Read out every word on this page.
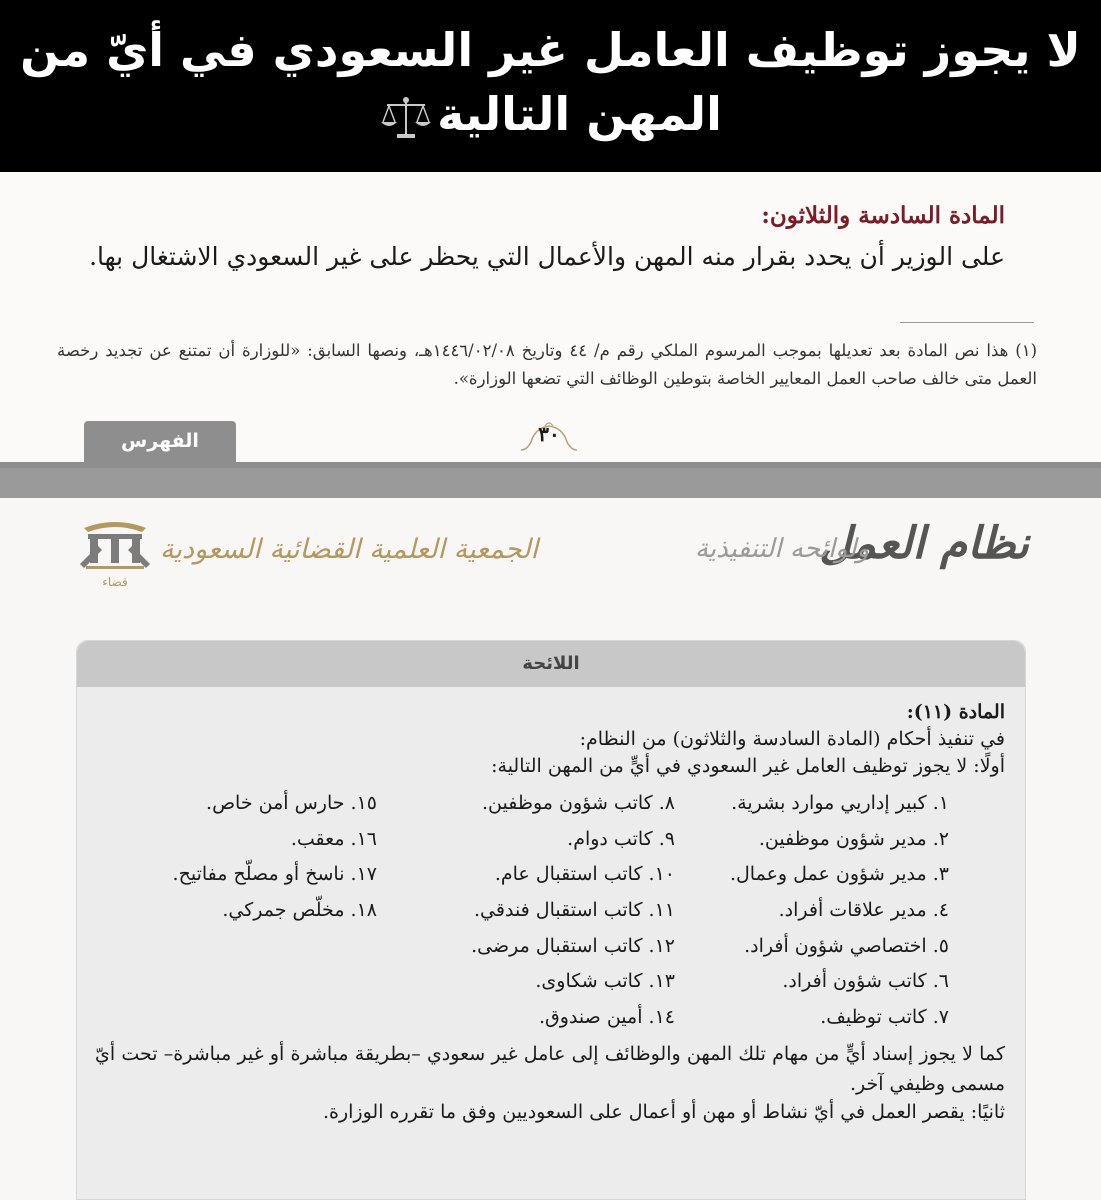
لا يجوز توظيف العامل غير السعودي في أيّ من
المهن التالية
المادة السادسة والثلاثون:
على الوزير أن يحدد بقرار منه المهن والأعمال التي يحظر على غير السعودي الاشتغال بها.
(١) هذا نص المادة بعد تعديلها بموجب المرسوم الملكي رقم م/ ٤٤ وتاريخ ١٤٤٦/٠٢/٠٨هـ، ونصها السابق: «للوزارة أن تمتنع عن تجديد رخصة العمل متى خالف صاحب العمل المعايير الخاصة بتوطين الوظائف التي تضعها الوزارة».
٣٠
الفهرس
نظام العمل
ولوائحه التنفيذية
الجمعية العلمية القضائية السعودية
قضاء
اللائحة

المادة (١١):

في تنفيذ أحكام (المادة السادسة والثلاثون) من النظام:

أولًا: لا يجوز توظيف العامل غير السعودي في أيٍّ من المهن التالية:

١. كبير إداريي موارد بشرية.
٢. مدير شؤون موظفين.
٣. مدير شؤون عمل وعمال.
٤. مدير علاقات أفراد.
٥. اختصاصي شؤون أفراد.
٦. كاتب شؤون أفراد.
٧. كاتب توظيف.
٨. كاتب شؤون موظفين.
٩. كاتب دوام.
١٠. كاتب استقبال عام.
١١. كاتب استقبال فندقي.
١٢. كاتب استقبال مرضى.
١٣. كاتب شكاوى.
١٤. أمين صندوق.
١٥. حارس أمن خاص.
١٦. معقب.
١٧. ناسخ أو مصلّح مفاتيح.
١٨. مخلّص جمركي.

كما لا يجوز إسناد أيٍّ من مهام تلك المهن والوظائف إلى عامل غير سعودي –بطريقة مباشرة أو غير مباشرة– تحت أيّ مسمى وظيفي آخر.

ثانيًا: يقصر العمل في أيّ نشاط أو مهن أو أعمال على السعوديين وفق ما تقرره الوزارة.
